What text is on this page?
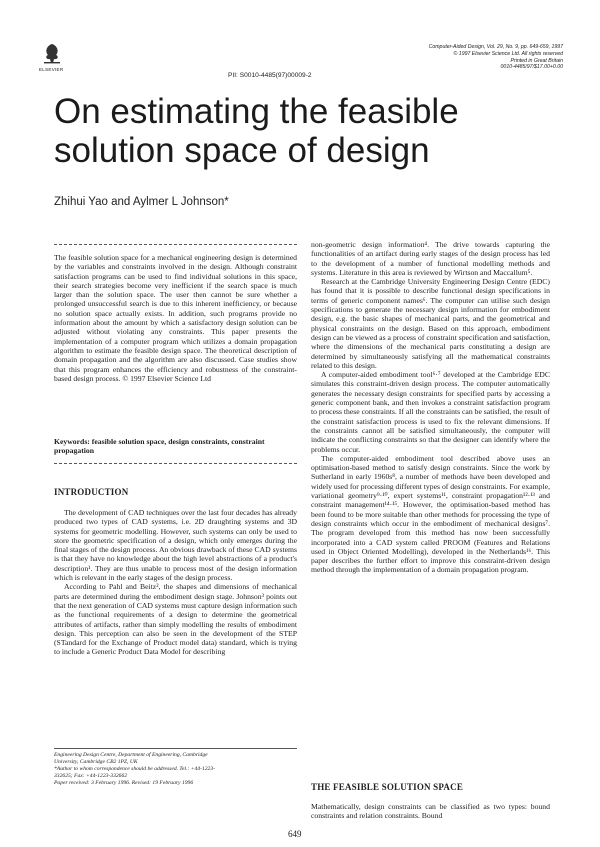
ELSEVIER
PII: S0010-4485(97)00009-2
Computer-Aided Design, Vol. 29, No. 9, pp. 649-659, 1997
© 1997 Elsevier Science Ltd. All rights reserved
Printed in Great Britain
0010-4485/97/$17.00+0.00
On estimating the feasible
solution space of design
Zhihui Yao and Aylmer L Johnson*
The feasible solution space for a mechanical engineering design is determined by the variables and constraints involved in the design. Although constraint satisfaction programs can be used to find individual solutions in this space, their search strategies become very inefficient if the search space is much larger than the solution space. The user then cannot be sure whether a prolonged unsuccessful search is due to this inherent inefficiency, or because no solution space actually exists. In addition, such programs provide no information about the amount by which a satisfactory design solution can be adjusted without violating any constraints. This paper presents the implementation of a computer program which utilizes a domain propagation algorithm to estimate the feasible design space. The theoretical description of domain propagation and the algorithm are also discussed. Case studies show that this program enhances the efficiency and robustness of the constraint-based design process. © 1997 Elsevier Science Ltd
Keywords: feasible solution space, design constraints, constraint propagation
INTRODUCTION

The development of CAD techniques over the last four decades has already produced two types of CAD systems, i.e. 2D draughting systems and 3D systems for geometric modelling. However, such systems can only be used to store the geometric specification of a design, which only emerges during the final stages of the design process. An obvious drawback of these CAD systems is that they have no knowledge about the high level abstractions of a product's description¹. They are thus unable to process most of the design information which is relevant in the early stages of the design process.

According to Pahl and Beitz², the shapes and dimensions of mechanical parts are determined during the embodiment design stage. Johnson³ points out that the next generation of CAD systems must capture design information such as the functional requirements of a design to determine the geometrical attributes of artifacts, rather than simply modelling the results of embodiment design. This perception can also be seen in the development of the STEP (STandard for the Exchange of Product model data) standard, which is trying to include a Generic Product Data Model for describing

Engineering Design Centre, Department of Engineering, Cambridge
University, Cambridge CB2 1PZ, UK
*Author to whom correspondence should be addressed. Tel.: +44-1223-
332625; Fax: +44-1223-332662
Paper received: 3 February 1996. Revised: 19 February 1996

non-geometric design information⁴. The drive towards capturing the functionalities of an artifact during early stages of the design process has led to the development of a number of functional modelling methods and systems. Literature in this area is reviewed by Wirtson and Maccallum⁵.

Research at the Cambridge University Engineering Design Centre (EDC) has found that it is possible to describe functional design specifications in terms of generic component names⁶. The computer can utilise such design specifications to generate the necessary design information for embodiment design, e.g. the basic shapes of mechanical parts, and the geometrical and physical constraints on the design. Based on this approach, embodiment design can be viewed as a process of constraint specification and satisfaction, where the dimensions of the mechanical parts constituting a design are determined by simultaneously satisfying all the mathematical constraints related to this design.

A computer-aided embodiment tool⁶·⁷ developed at the Cambridge EDC simulates this constraint-driven design process. The computer automatically generates the necessary design constraints for specified parts by accessing a generic component bank, and then invokes a constraint satisfaction program to process these constraints. If all the constraints can be satisfied, the result of the constraint satisfaction process is used to fix the relevant dimensions. If the constraints cannot all be satisfied simultaneously, the computer will indicate the conflicting constraints so that the designer can identify where the problems occur.

The computer-aided embodiment tool described above uses an optimisation-based method to satisfy design constraints. Since the work by Sutherland in early 1960s⁸, a number of methods have been developed and widely used for processing different types of design constraints. For example, variational geometry⁹·¹⁰, expert systems¹¹, constraint propagation¹²·¹³ and constraint management¹⁴·¹⁵. However, the optimisation-based method has been found to be more suitable than other methods for processing the type of design constraints which occur in the embodiment of mechanical designs⁷. The program developed from this method has now been successfully incorporated into a CAD system called PROOM (Features and Relations used in Object Oriented Modelling), developed in the Netherlands¹⁶. This paper describes the further effort to improve this constraint-driven design method through the implementation of a domain propagation program.

THE FEASIBLE SOLUTION SPACE
Mathematically, design constraints can be classified as two types: bound constraints and relation constraints. Bound
649
